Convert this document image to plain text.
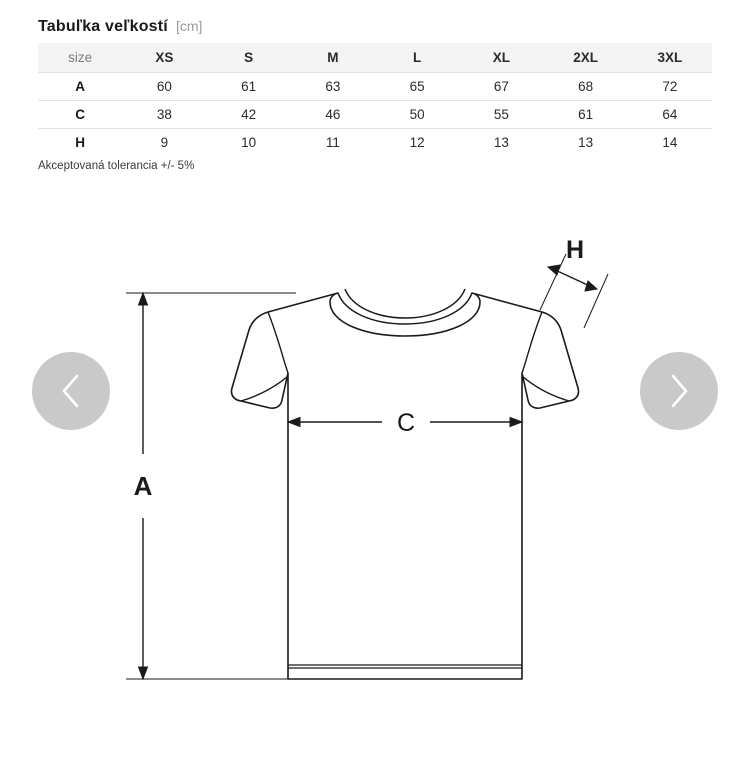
Tabuľka veľkostí [cm]
size	XS	S	M	L	XL	2XL	3XL
A	60	61	63	65	67	68	72
C	38	42	46	50	55	61	64
H	9	10	11	12	13	13	14
Akceptovaná tolerancia +/- 5%
A
C
H
